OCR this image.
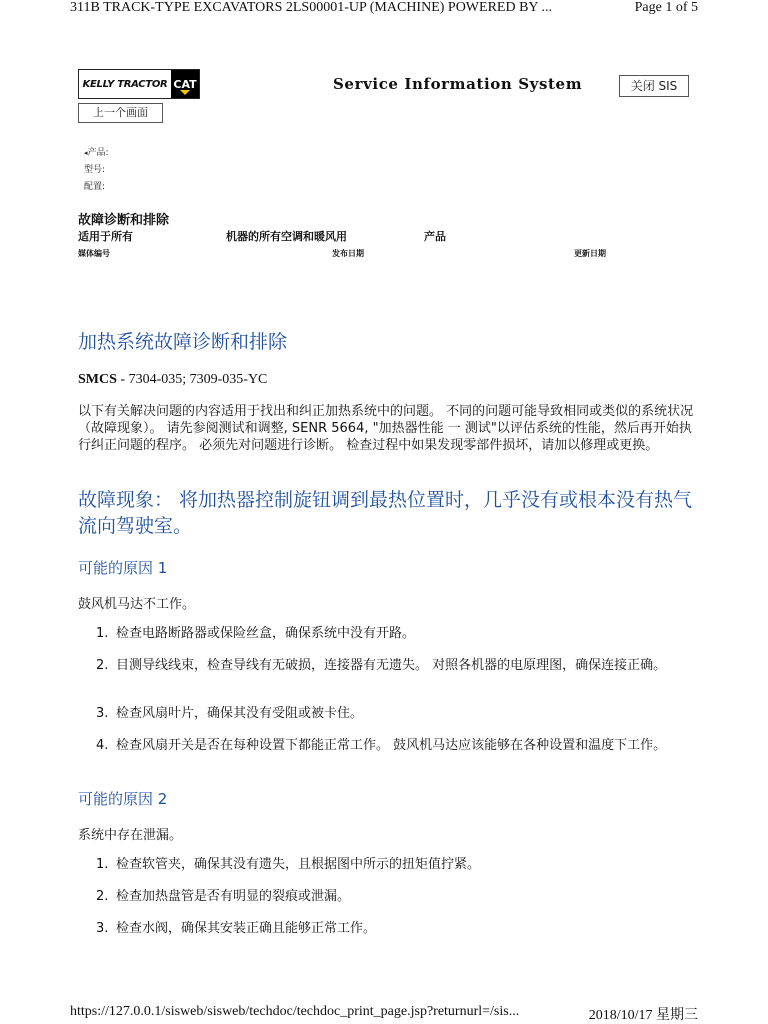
311B TRACK-TYPE EXCAVATORS 2LS00001-UP (MACHINE) POWERED BY ...	Page 1 of 5
KELLY TRACTOR CAT	Service Information System	关闭 SIS
上一个画面
◂产品:
型号:
配置:
故障诊断和排除
适用于所有	机器的所有空调和暖风用	产品
媒体编号	发布日期	更新日期
加热系统故障诊断和排除
SMCS - 7304-035; 7309-035-YC
以下有关解决问题的内容适用于找出和纠正加热系统中的问题。 不同的问题可能导致相同或类似的系统状况（故障现象）。 请先参阅测试和调整, SENR 5664, "加热器性能 一 测试"以评估系统的性能，然后再开始执行纠正问题的程序。 必须先对问题进行诊断。 检查过程中如果发现零部件损坏，请加以修理或更换。
故障现象： 将加热器控制旋钮调到最热位置时，几乎没有或根本没有热气流向驾驶室。
可能的原因 1
鼓风机马达不工作。
1. 检查电路断路器或保险丝盒，确保系统中没有开路。
2. 目测导线线束，检查导线有无破损，连接器有无遗失。 对照各机器的电原理图，确保连接正确。
3. 检查风扇叶片，确保其没有受阻或被卡住。
4. 检查风扇开关是否在每种设置下都能正常工作。 鼓风机马达应该能够在各种设置和温度下工作。
可能的原因 2
系统中存在泄漏。
1. 检查软管夹，确保其没有遗失，且根据图中所示的扭矩值拧紧。
2. 检查加热盘管是否有明显的裂痕或泄漏。
3. 检查水阀，确保其安装正确且能够正常工作。
https://127.0.0.1/sisweb/sisweb/techdoc/techdoc_print_page.jsp?returnurl=/sis...	2018/10/17 星期三
